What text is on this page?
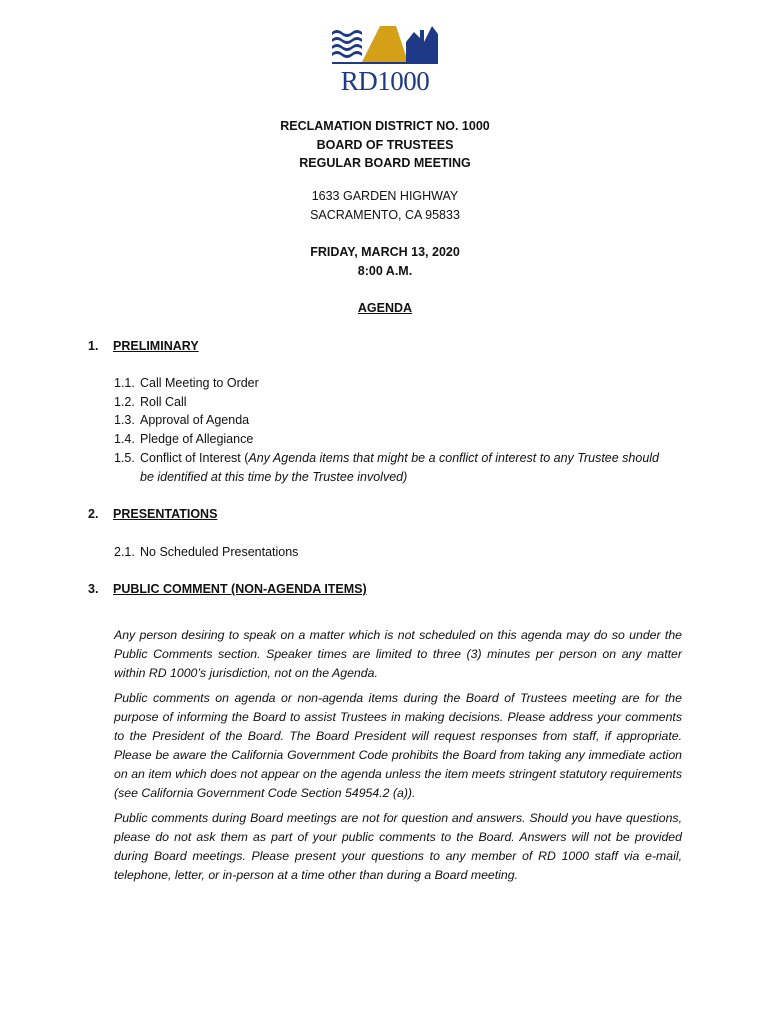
RD1000
RECLAMATION DISTRICT NO. 1000
BOARD OF TRUSTEES
REGULAR BOARD MEETING
1633 GARDEN HIGHWAY
SACRAMENTO, CA 95833
FRIDAY, MARCH 13, 2020
8:00 A.M.
AGENDA
1. PRELIMINARY
1.1. Call Meeting to Order
1.2. Roll Call
1.3. Approval of Agenda
1.4. Pledge of Allegiance
1.5. Conflict of Interest (Any Agenda items that might be a conflict of interest to any Trustee should
be identified at this time by the Trustee involved)
2. PRESENTATIONS
2.1. No Scheduled Presentations
3. PUBLIC COMMENT (NON-AGENDA ITEMS)
Any person desiring to speak on a matter which is not scheduled on this agenda may do so under the Public Comments section. Speaker times are limited to three (3) minutes per person on any matter within RD 1000’s jurisdiction, not on the Agenda.
Public comments on agenda or non-agenda items during the Board of Trustees meeting are for the purpose of informing the Board to assist Trustees in making decisions. Please address your comments to the President of the Board. The Board President will request responses from staff, if appropriate. Please be aware the California Government Code prohibits the Board from taking any immediate action on an item which does not appear on the agenda unless the item meets stringent statutory requirements (see California Government Code Section 54954.2 (a)).
Public comments during Board meetings are not for question and answers. Should you have questions, please do not ask them as part of your public comments to the Board. Answers will not be provided during Board meetings. Please present your questions to any member of RD 1000 staff via e-mail, telephone, letter, or in-person at a time other than during a Board meeting.
